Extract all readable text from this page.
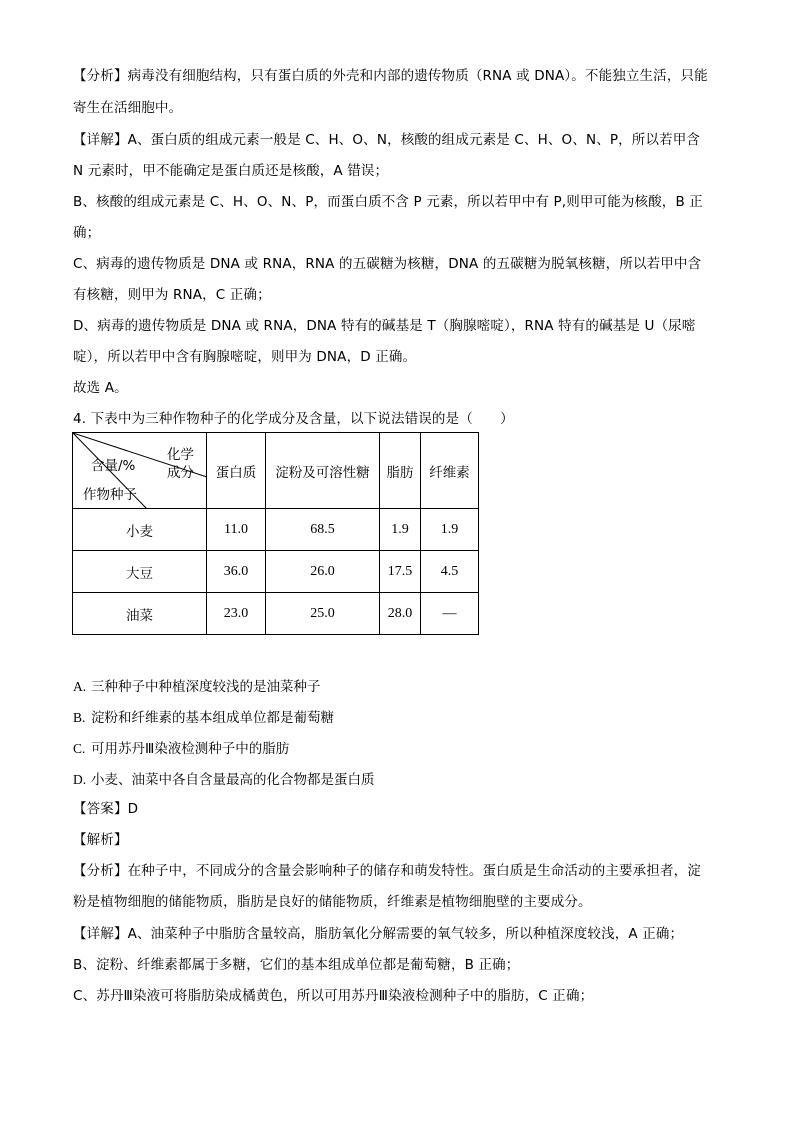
【分析】病毒没有细胞结构，只有蛋白质的外壳和内部的遗传物质（RNA 或 DNA）。不能独立生活，只能
寄生在活细胞中。
【详解】A、蛋白质的组成元素一般是 C、H、O、N，核酸的组成元素是 C、H、O、N、P，所以若甲含
N 元素时，甲不能确定是蛋白质还是核酸，A 错误；
B、核酸的组成元素是 C、H、O、N、P，而蛋白质不含 P 元素，所以若甲中有 P,则甲可能为核酸，B 正
确；
C、病毒的遗传物质是 DNA 或 RNA，RNA 的五碳糖为核糖，DNA 的五碳糖为脱氧核糖，所以若甲中含
有核糖，则甲为 RNA，C 正确；
D、病毒的遗传物质是 DNA 或 RNA，DNA 特有的碱基是 T（胸腺嘧啶），RNA 特有的碱基是 U（尿嘧
啶），所以若甲中含有胸腺嘧啶，则甲为 DNA，D 正确。
故选 A。
4. 下表中为三种作物种子的化学成分及含量，以下说法错误的是（　　）
化学
成分
含量/%
作物种子	蛋白质	淀粉及可溶性糖	脂肪	纤维素
小麦	11.0	68.5	1.9	1.9
大豆	36.0	26.0	17.5	4.5
油菜	23.0	25.0	28.0	—
A. 三种种子中种植深度较浅的是油菜种子
B. 淀粉和纤维素的基本组成单位都是葡萄糖
C. 可用苏丹Ⅲ染液检测种子中的脂肪
D. 小麦、油菜中各自含量最高的化合物都是蛋白质
【答案】D
【解析】
【分析】在种子中，不同成分的含量会影响种子的储存和萌发特性。蛋白质是生命活动的主要承担者，淀
粉是植物细胞的储能物质，脂肪是良好的储能物质，纤维素是植物细胞壁的主要成分。
【详解】A、油菜种子中脂肪含量较高，脂肪氧化分解需要的氧气较多，所以种植深度较浅，A 正确；
B、淀粉、纤维素都属于多糖，它们的基本组成单位都是葡萄糖，B 正确；
C、苏丹Ⅲ染液可将脂肪染成橘黄色，所以可用苏丹Ⅲ染液检测种子中的脂肪，C 正确；
